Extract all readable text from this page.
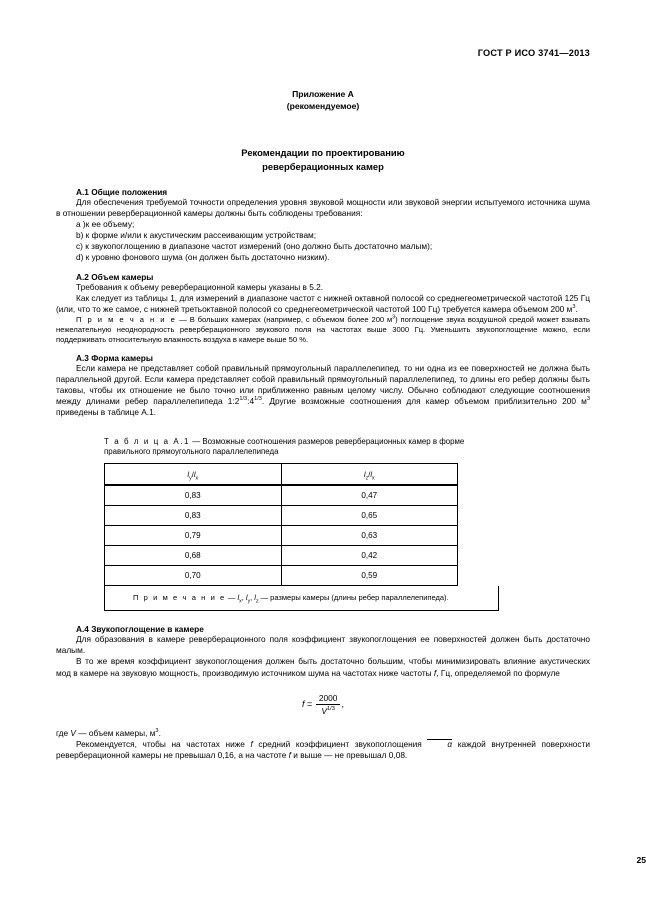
ГОСТ Р ИСО 3741—2013
Приложение А
(рекомендуемое)
Рекомендации по проектированию
реверберационных камер
А.1 Общие положения

Для обеспечения требуемой точности определения уровня звуковой мощности или звуковой энергии испытуемого источника шума в отношении реверберационной камеры должны быть соблюдены требования:

a )к ее объему;
b) к форме и/или к акустическим рассеивающим устройствам;
c) к звукопоглощению в диапазоне частот измерений (оно должно быть достаточно малым);
d) к уровню фонового шума (он должен быть достаточно низким).
А.2 Объем камеры

Требования к объему реверберационной камеры указаны в 5.2.

Как следует из таблицы 1, для измерений в диапазоне частот с нижней октавной полосой со среднегеометрической частотой 125 Гц (или, что то же самое, с нижней третьоктавной полосой со среднегеометрической частотой 100 Гц) требуется камера объемом 200 $м^3$.

П р и м е ч а н и е — В больших камерах (например, с объемом более 200 $м^3$) поглощение звука воздушной средой может взывать нежелательную неоднородность реверберационного звукового поля на частотах выше 3000 Гц. Уменьшить звукопоглощение можно, если поддерживать относительную влажность воздуха в камере выше 50 %.

А.3 Форма камеры

Если камера не представляет собой правильный прямоугольный параллелепипед. то ни одна из ее поверхностей не должна быть параллельной другой. Если камера представляет собой правильный прямоугольный параллелепипед, то длины его ребер должны быть таковы, чтобы их отношение не было точно или приближенно равным целому числу. Обычно соблюдают следующие соотношения между длинами ребер параллелепипеда $1:2^{1/3}:4^{1/3}$. Другие возможные соотношения для камер объемом приблизительно 200 $м^3$ приведены в таблице А.1.

Т а б л и ц а А.1 — Возможные соотношения размеров реверберационных камер в форме правильного прямоугольного параллелепипеда
$l_y/l_x$	$l_z/l_x$
0,83	0,47
0,83	0,65
0,79	0,63
0,68	0,42
0,70	0,59
П р и м е ч а н и е — $l_x$, $l_y$, $l_z$ — размеры камеры (длины ребер параллелепипеда).
А.4 Звукопоглощение в камере

Для образования в камере реверберационного поля коэффициент звукопоглощения ее поверхностей должен быть достаточно малым.

В то же время коэффициент звукопоглощения должен быть достаточно большим, чтобы минимизировать влияние акустических мод в камере на звуковую мощность, производимую источником шума на частотах ниже частоты f, Гц, определяемой по формуле

$f = \frac{2000}{V^{1/3}}$ ,

где V — объем камеры, $м^3$.

Рекомендуется, чтобы на частотах ниже f средний коэффициент звукопоглощения α каждой внутренней поверхности реверберационной камеры не превышал 0,16, а на частоте f и выше — не превышал 0,08.

25
